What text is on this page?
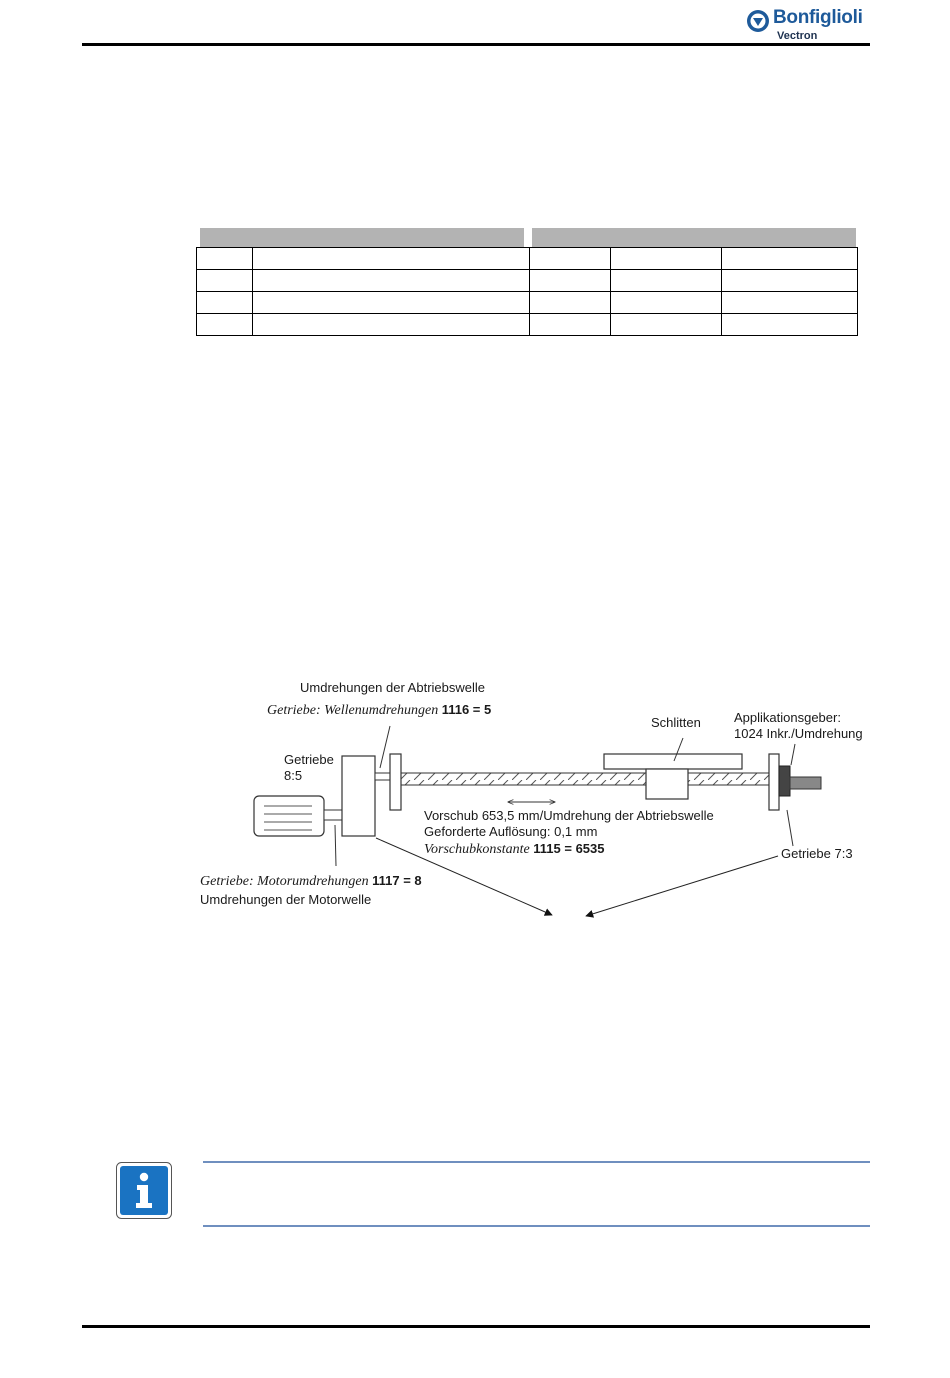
Bonfiglioli
Vectron

Umdrehungen der Abtriebswelle
Getriebe: Wellenumdrehungen 1116 = 5
Getriebe
8:5
Schlitten	Applikationsgeber:
1024 Inkr./Umdrehung
Vorschub 653,5 mm/Umdrehung der Abtriebswelle
Geforderte Auflösung: 0,1 mm
Vorschubkonstante 1115 = 6535	Getriebe 7:3
Getriebe: Motorumdrehungen 1117 = 8
Umdrehungen der Motorwelle
